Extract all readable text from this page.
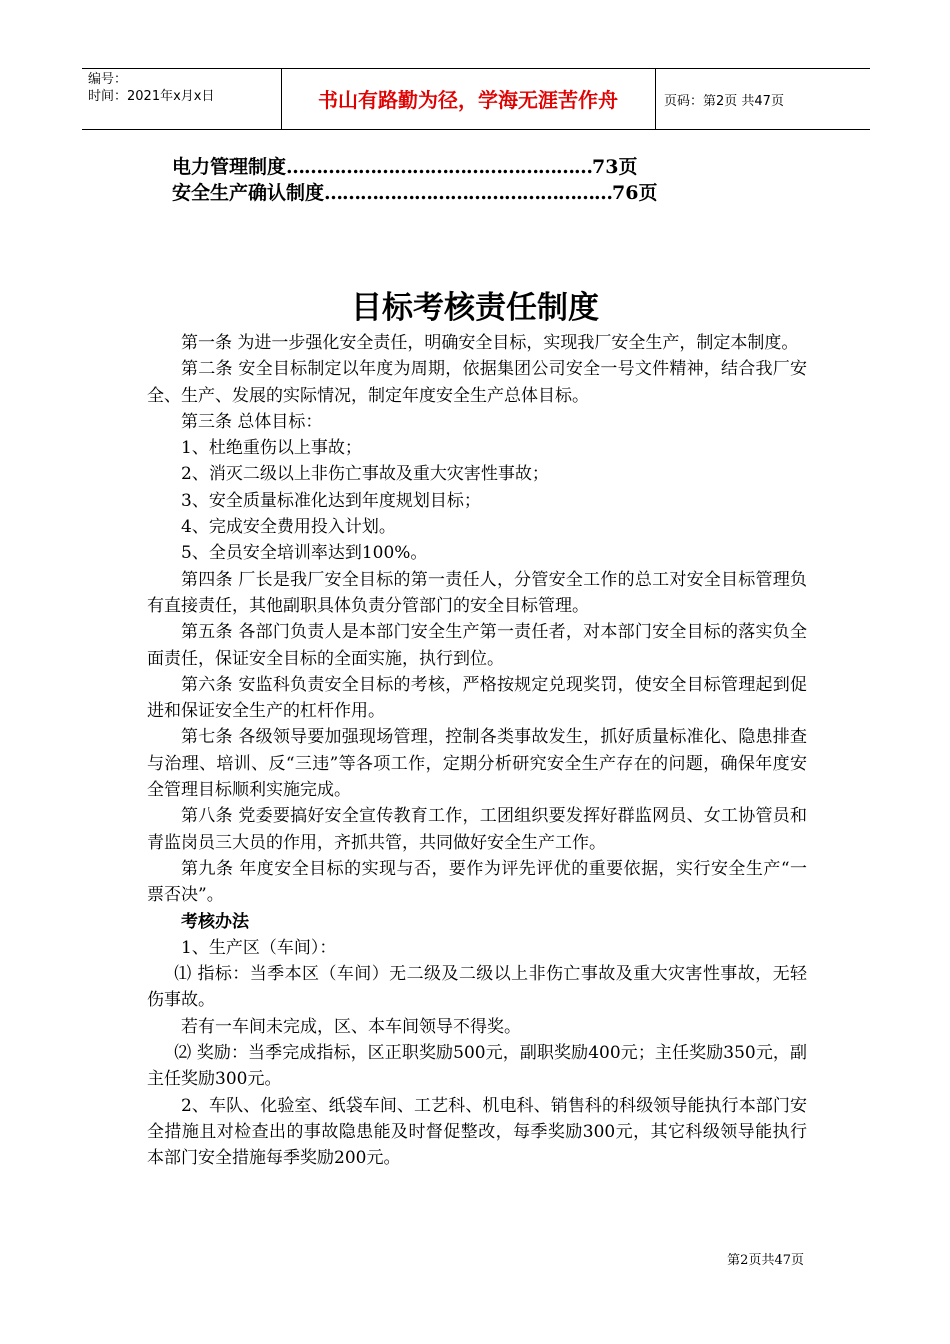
编号：
时间：2021年x月x日	书山有路勤为径，学海无涯苦作舟	页码：第2页 共47页
电力管理制度……………………………………………73页
安全生产确认制度…………………………………………76页
目标考核责任制度

第一条 为进一步强化安全责任，明确安全目标，实现我厂安全生产，制定本制度。

第二条 安全目标制定以年度为周期，依据集团公司安全一号文件精神，结合我厂安全、生产、发展的实际情况，制定年度安全生产总体目标。

第三条 总体目标：

1、杜绝重伤以上事故；

2、消灭二级以上非伤亡事故及重大灾害性事故；

3、安全质量标准化达到年度规划目标；

4、完成安全费用投入计划。

5、全员安全培训率达到100%。

第四条 厂长是我厂安全目标的第一责任人，分管安全工作的总工对安全目标管理负有直接责任，其他副职具体负责分管部门的安全目标管理。

第五条 各部门负责人是本部门安全生产第一责任者，对本部门安全目标的落实负全面责任，保证安全目标的全面实施，执行到位。

第六条 安监科负责安全目标的考核，严格按规定兑现奖罚，使安全目标管理起到促进和保证安全生产的杠杆作用。

第七条 各级领导要加强现场管理，控制各类事故发生，抓好质量标准化、隐患排查与治理、培训、反“三违”等各项工作，定期分析研究安全生产存在的问题，确保年度安全管理目标顺利实施完成。

第八条 党委要搞好安全宣传教育工作，工团组织要发挥好群监网员、女工协管员和青监岗员三大员的作用，齐抓共管，共同做好安全生产工作。

第九条 年度安全目标的实现与否，要作为评先评优的重要依据，实行安全生产“一票否决”。

考核办法

1、生产区（车间）：

⑴ 指标：当季本区（车间）无二级及二级以上非伤亡事故及重大灾害性事故，无轻伤事故。

若有一车间未完成，区、本车间领导不得奖。

⑵ 奖励：当季完成指标，区正职奖励500元，副职奖励400元；主任奖励350元，副主任奖励300元。

2、车队、化验室、纸袋车间、工艺科、机电科、销售科的科级领导能执行本部门安全措施且对检查出的事故隐患能及时督促整改，每季奖励300元，其它科级领导能执行本部门安全措施每季奖励200元。

第2页共47页
